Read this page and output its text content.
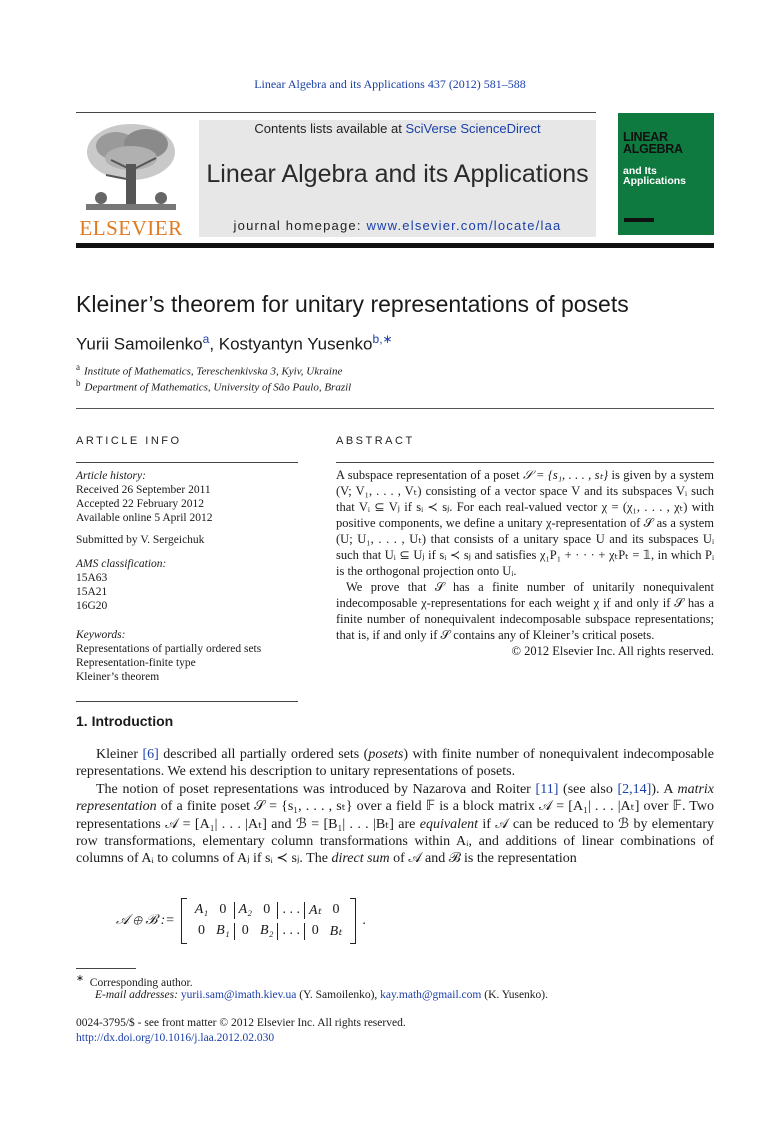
Linear Algebra and its Applications 437 (2012) 581–588
ELSEVIER
Contents lists available at SciVerse ScienceDirect
Linear Algebra and its Applications
journal homepage: www.elsevier.com/locate/laa
LINEAR
ALGEBRA
and Its
Applications
Kleiner’s theorem for unitary representations of posets
Yurii Samoilenko$^a$, Kostyantyn Yusenko$^{b,∗}$
$^a$ Institute of Mathematics, Tereschenkivska 3, Kyiv, Ukraine
$^b$ Department of Mathematics, University of São Paulo, Brazil
ARTICLE INFO	ABSTRACT
Article history:
Received 26 September 2011
Accepted 22 February 2012
Available online 5 April 2012
Submitted by V. Sergeichuk
AMS classification:
15A63
15A21
16G20
Keywords:
Representations of partially ordered sets
Representation-finite type
Kleiner’s theorem

A subspace representation of a poset 𝒮 = {s₁, . . . , sₜ} is given by a system (V; V₁, . . . , Vₜ) consisting of a vector space V and its subspaces Vᵢ such that Vᵢ ⊆ Vⱼ if sᵢ ≺ sⱼ. For each real-valued vector χ = (χ₁, . . . , χₜ) with positive components, we define a unitary χ-representation of 𝒮 as a system (U; U₁, . . . , Uₜ) that consists of a unitary space U and its subspaces Uᵢ such that Uᵢ ⊆ Uⱼ if sᵢ ≺ sⱼ and satisfies χ₁P₁ + · · · + χₜPₜ = 𝟙, in which Pᵢ is the orthogonal projection onto Uᵢ.

We prove that 𝒮 has a finite number of unitarily nonequivalent indecomposable χ-representations for each weight χ if and only if 𝒮 has a finite number of nonequivalent indecomposable subspace representations; that is, if and only if 𝒮 contains any of Kleiner’s critical posets.

© 2012 Elsevier Inc. All rights reserved.

1. Introduction

Kleiner [6] described all partially ordered sets (posets) with finite number of nonequivalent indecomposable representations. We extend his description to unitary representations of posets.

The notion of poset representations was introduced by Nazarova and Roiter [11] (see also [2,14]). A matrix representation of a finite poset 𝒮 = {s₁, . . . , sₜ} over a field 𝔽 is a block matrix 𝒜 = [A₁| . . . |Aₜ] over 𝔽. Two representations 𝒜 = [A₁| . . . |Aₜ] and ℬ = [B₁| . . . |Bₜ] are equivalent if 𝒜 can be reduced to ℬ by elementary row transformations, elementary column transformations within Aᵢ, and additions of linear combinations of columns of Aᵢ to columns of Aⱼ if sᵢ ≺ sⱼ. The direct sum of 𝒜 and ℬ is the representation

𝒜 ⊕ ℬ :=
A₁ 0 A₂ 0 . . . Aₜ 0
0 B₁ 0 B₂ . . . 0 Bₜ
.
∗ Corresponding author.
E-mail addresses: yurii.sam@imath.kiev.ua (Y. Samoilenko), kay.math@gmail.com (K. Yusenko).
0024-3795/$ - see front matter © 2012 Elsevier Inc. All rights reserved.
http://dx.doi.org/10.1016/j.laa.2012.02.030
